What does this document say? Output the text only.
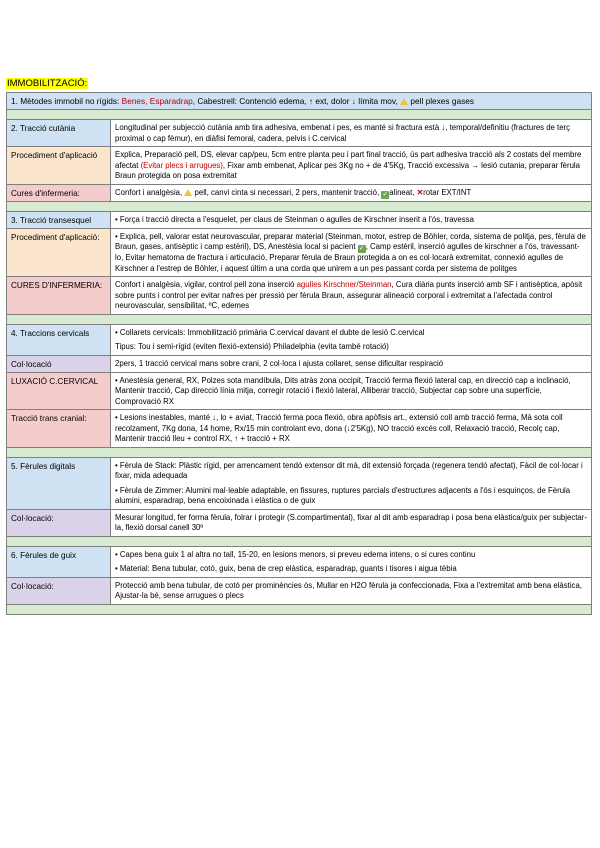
IMMOBILITZACIÓ:
1. Mètodes immobil no rígids: Benes, Esparadrap, Cabestrell: Contenció edema, ↑ ext, dolor ↓ límita mov,  pell plexes gases	

2. Tracció cutània	Longitudinal per subjecció cutània amb tira adhesiva, embenat i pes, es manté si fractura està ↓, temporal/definitiu (fractures de terç proximal o cap fèmur), en diàfisi femoral, cadera, pelvis i C.cervical
Procediment d'aplicació	Explica, Preparació pell, DS, elevar cap/peu, 5cm entre planta peu i part final tracció, ús part adhesiva tracció als 2 costats del membre afectat (Evitar plecs i arrugues), Fixar amb embenat, Aplicar pes 3Kg no + de 4'5Kg, Tracció excessiva → lesió cutania, preparar fèrula Braun protegida on posa extremitat
Cures d'infermeria:	Confort i analgèsia,  pell, canvi cinta si necessari, 2 pers, mantenir tracció, ✓alineat, ✕rotar EXT/INT

3. Tracció transesquel	• Força i tracció directa a l'esquelet, per claus de Steinman o agulles de Kirschner inserit a l'ós, travessa
Procediment d'aplicació:	• Explica, pell, valorar estat neurovascular, preparar material (Steinman, motor, estrep de Böhler, corda, sistema de politja, pes, fèrula de Braun, gases, antisèptic i camp estèril), DS, Anestèsia local si pacient ✓, Camp estèril, inserció agulles de kirschner a l'ós, travessant-lo, Evitar hematoma de fractura i articulació, Preparar fèrula de Braun protegida a on es col·locarà extremitat, connexió agulles de Kirschner a l'estrep de Böhler, i aquest últim a una corda que unirem a un pes passant corda per sistema de politges
CURES D'INFERMERIA:	Confort i analgèsia, vigilar, control pell zona inserció agulles Kirschner/Steinman, Cura diària punts inserció amb SF i antisèptica, apòsit sobre punts i control per evitar nafres per pressió per fèrula Braun, assegurar alineació corporal i extremitat a l'afectada control neurovascular, sensibilitat, ºC, edemes

4. Traccions cervicals	• Collarets cervicals: Immobilització primària C.cervical davant el dubte de lesió C.cervical

Tipus: Tou i semi-rígid (eviten flexió-extensió) Philadelphia (evita també rotació)

Col·locació	2pers, 1 tracció cervical mans sobre crani, 2 col·loca i ajusta collaret, sense dificultar respiració
LUXACIÓ C.CERVICAL	• Anestèsia general, RX, Polzes sota mandíbula, Dits atràs zona occipit, Tracció ferma flexió lateral cap, en direcció cap a inclinació, Mantenir tracció, Cap direcció línia mitja, corregir rotació i flexió lateral, Alliberar tracció, Subjectar cap sobre una superfície, Comprovació RX
Tracció trans cranial:	• Lesions inestables, manté ↓, lo + aviat, Tracció ferma poca flexió, obra apòfisis art., extensió coll amb tracció ferma, Mà sota coll recolzament, 7Kg dona, 14 home, Rx/15 min controlant evo, dona (↓2'5Kg), NO tracció excés coll, Relaxació tracció, Recolç cap, Mantenir tracció lleu + control RX, ↑ + tracció + RX

5. Fèrules digitals	• Fèrula de Stack: Plàstic rígid, per arrencament tendó extensor dit mà, dit extensió forçada (regenera tendó afectat), Fàcil de col·locar i fixar, mida adequada

• Fèrula de Zimmer: Alumini mal·leable adaptable, en fissures, ruptures parcials d'estructures adjacents a l'ós i esquinços, de Fèrula alumini, esparadrap, bena encoixinada i elàstica o de guix

Col·locació:	Mesurar longitud, fer forma fèrula, folrar i protegir (S.compartimental), fixar al dit amb esparadrap i posa bena elàstica/guix per subjectar-la, flexió dorsal canell 30º

6. Fèrules de guix	• Capes bena guix 1 al altra no tall, 15-20, en lesions menors, si preveu edema intens, o si cures continu

• Material: Bena tubular, cotó, guix, bena de crep elàstica, esparadrap, guants i tisores i aigua tèbia

Col·locació:	Protecció amb bena tubular, de cotó per prominències òs, Mullar en H2O fèrula ja confeccionada, Fixa a l'extremitat amb bena elàstica, Ajustar-la bé, sense arrugues o plecs
